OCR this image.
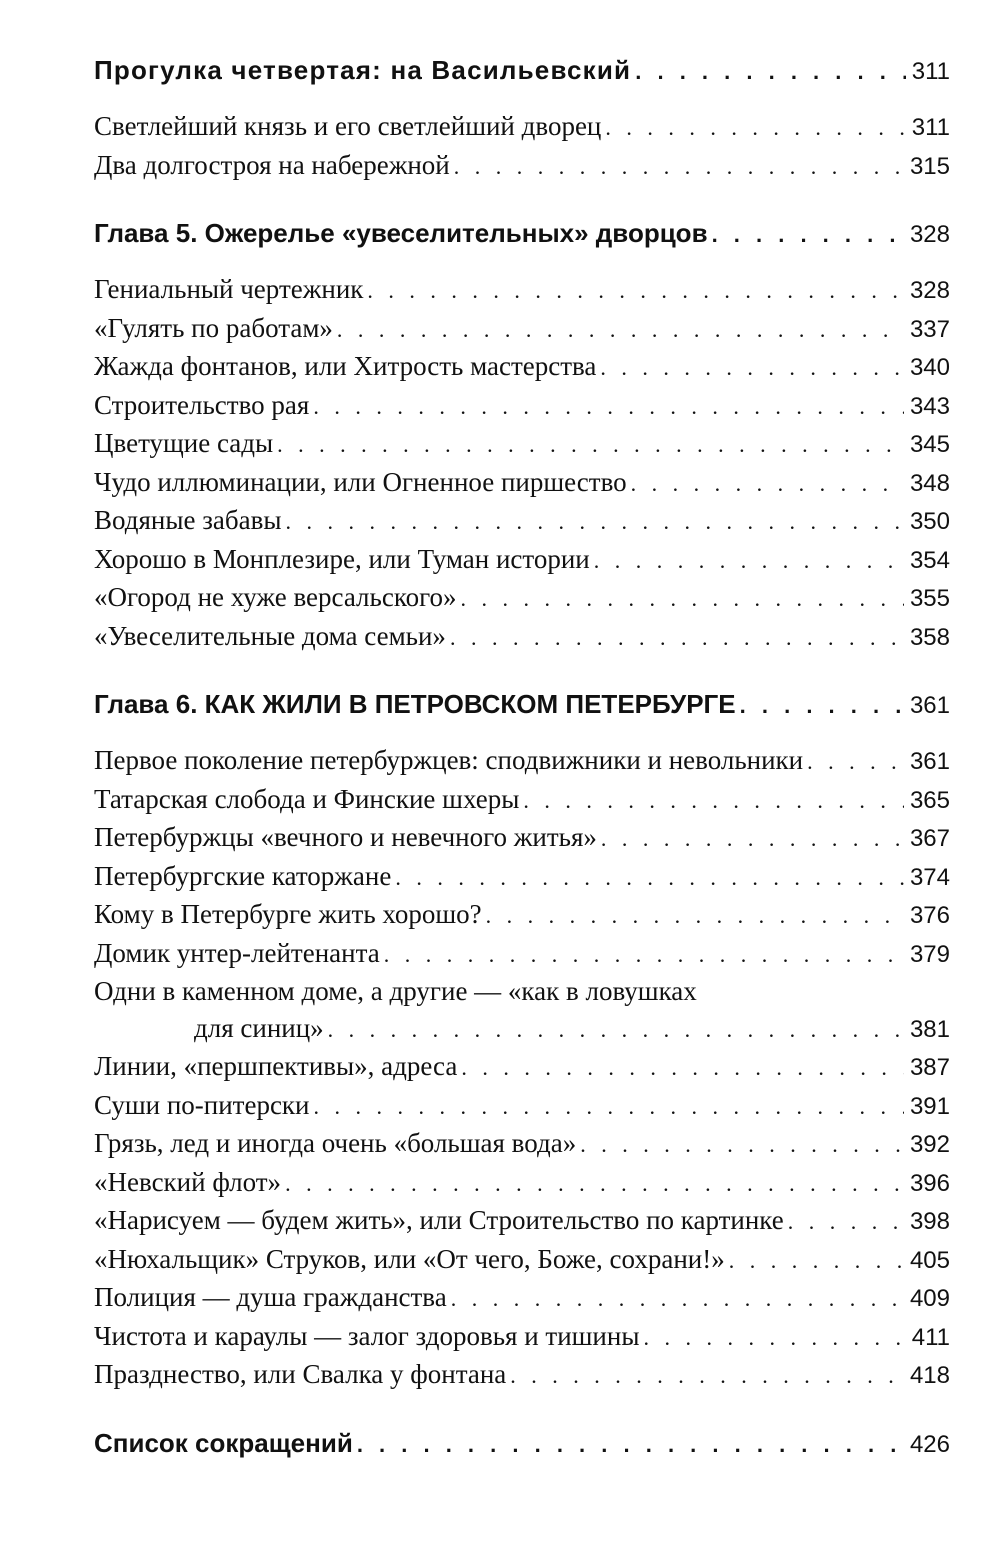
Прогулка четвертая: на Васильевский . . .	311
Светлейший князь и его светлейший дворец . . .	311
Два долгостроя на набережной . . .	315
Глава 5. Ожерелье «увеселительных» дворцов . . .	328
Гениальный чертежник . . .	328
«Гулять по работам» . . .	337
Жажда фонтанов, или Хитрость мастерства . . .	340
Строительство рая . . .	343
Цветущие сады . . .	345
Чудо иллюминации, или Огненное пиршество . . .	348
Водяные забавы . . .	350
Хорошо в Монплезире, или Туман истории . . .	354
«Огород не хуже версальского» . . .	355
«Увеселительные дома семьи» . . .	358
Глава 6. КАК ЖИЛИ В ПЕТРОВСКОМ ПЕТЕРБУРГЕ . . .	361
Первое поколение петербуржцев: сподвижники и невольники . . .	361
Татарская слобода и Финские шхеры . . .	365
Петербуржцы «вечного и невечного житья» . . .	367
Петербургские каторжане . . .	374
Кому в Петербурге жить хорошо? . . .	376
Домик унтер-лейтенанта . . .	379
Одни в каменном доме, а другие — «как в ловушках
для синиц» . . .	381
Линии, «першпективы», адреса . . .	387
Суши по-питерски . . .	391
Грязь, лед и иногда очень «большая вода» . . .	392
«Невский флот» . . .	396
«Нарисуем — будем жить», или Строительство по картинке . . .	398
«Нюхальщик» Струков, или «От чего, Боже, сохрани!» . . .	405
Полиция — душа гражданства . . .	409
Чистота и караулы — залог здоровья и тишины . . .	411
Празднество, или Свалка у фонтана . . .	418
Список сокращений . . .	426
